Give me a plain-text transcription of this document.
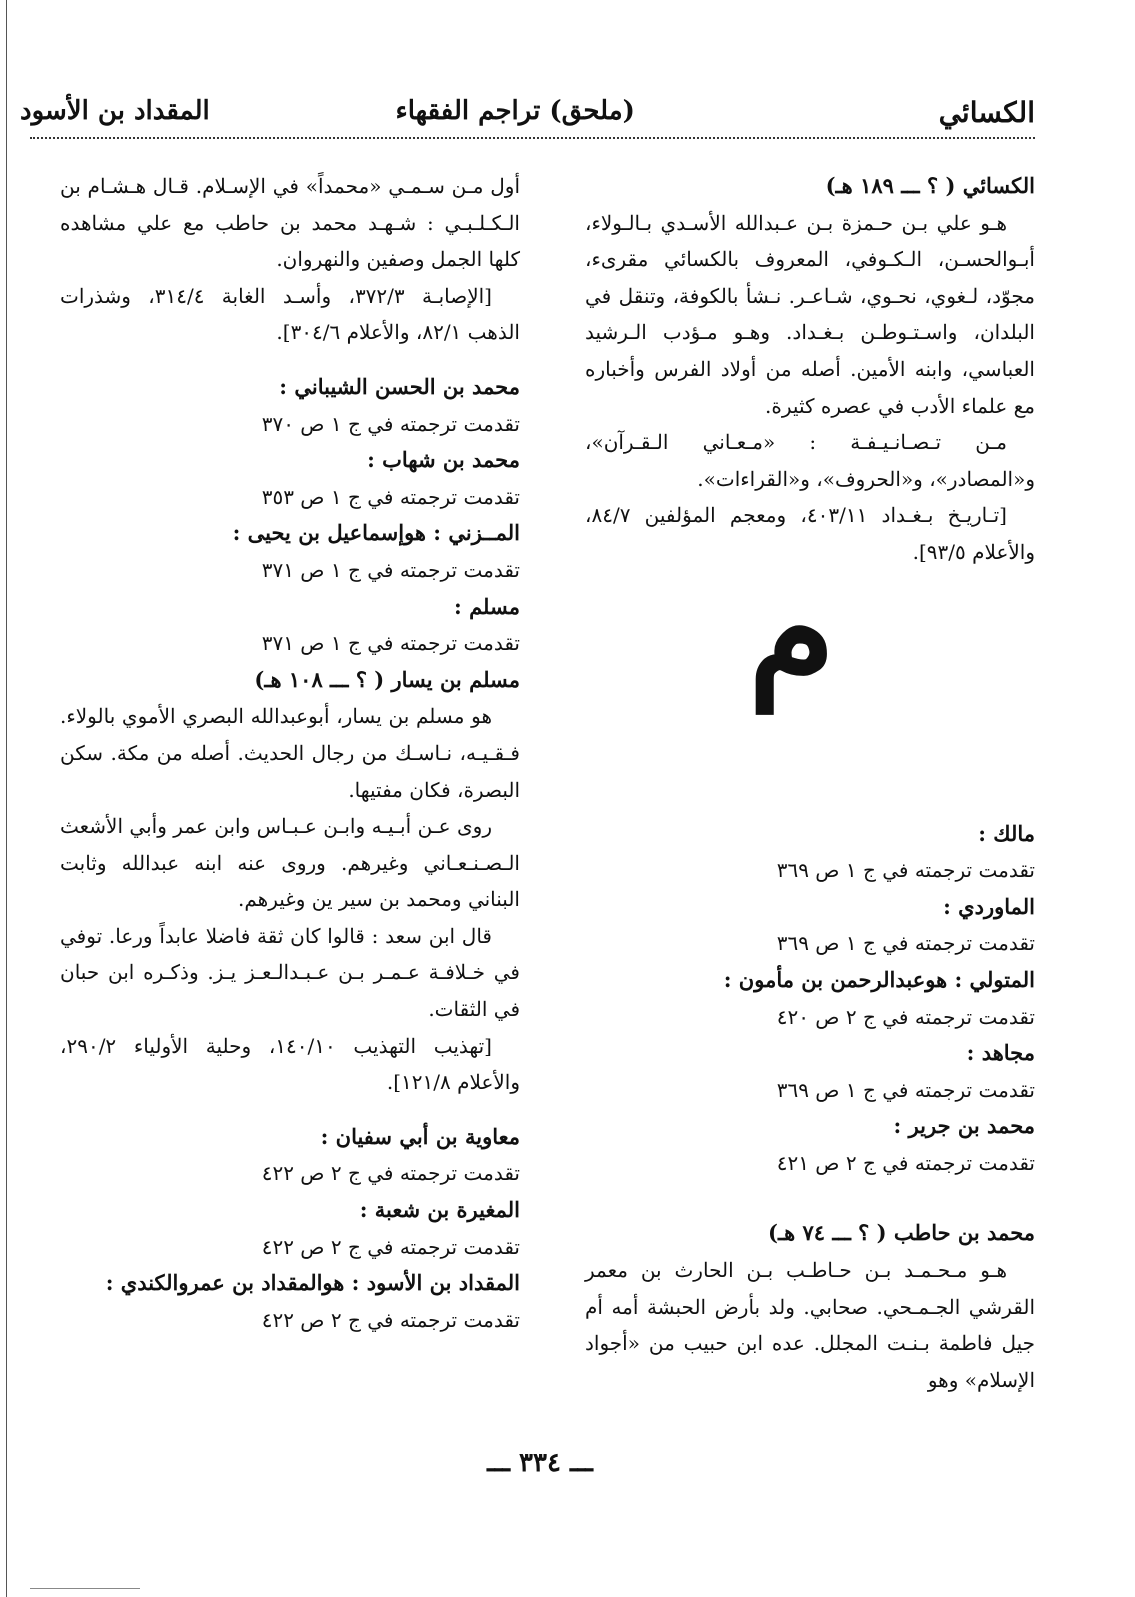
الكسائي
(ملحق) تراجم الفقهاء
المقداد بن الأسود
الكسائي ( ؟ ـــ ١٨٩ هـ)
هـو علي بـن حـمزة بـن عـبدالله الأسـدي بـالـولاء، أبـوالحسـن، الـكـوفي، المعروف بالكسائي مقرىء، مجوّد، لـغوي، نحـوي، شـاعـر. نـشأ بالكوفة، وتنقل في البلدان، واسـتـوطـن بـغـداد. وهـو مـؤدب الـرشيد العباسي، وابنه الأمين. أصله من أولاد الفرس وأخباره مع علماء الأدب في عصره كثيرة.
مـن تـصـانـيـفـة : «مـعـاني الـقـرآن»، و«المصادر»، و«الحروف»، و«القراءات».
[تـاريـخ بـغـداد ٤٠٣/١١، ومعجم المؤلفين ٨٤/٧، والأعلام ٩٣/٥].
م
مالك :
تقدمت ترجمته في ج ١ ص ٣٦٩
الماوردي :
تقدمت ترجمته في ج ١ ص ٣٦٩
المتولي : هوعبدالرحمن بن مأمون :
تقدمت ترجمته في ج ٢ ص ٤٢٠
مجاهد :
تقدمت ترجمته في ج ١ ص ٣٦٩
محمد بن جرير :
تقدمت ترجمته في ج ٢ ص ٤٢١
محمد بن حاطب ( ؟ ـــ ٧٤ هـ)
هـو مـحـمـد بـن حـاطـب بـن الحارث بن معمر القرشي الجـمـحي. صحابي. ولد بأرض الحبشة أمه أم جيل فاطمة بـنـت المجلل. عده ابن حبيب من «أجواد الإسلام» وهو
أول مـن سـمـي «محمداً» في الإسـلام. قـال هـشـام بن الـكـلـبـي : شـهـد محمد بن حاطب مع علي مشاهده كلها الجمل وصفين والنهروان.
[الإصابـة ٣٧٢/٣، وأسـد الغابة ٣١٤/٤، وشذرات الذهب ٨٢/١، والأعلام ٣٠٤/٦].
محمد بن الحسن الشيباني :
تقدمت ترجمته في ج ١ ص ٣٧٠
محمد بن شهاب :
تقدمت ترجمته في ج ١ ص ٣٥٣
المــزني : هوإسماعيل بن يحيى :
تقدمت ترجمته في ج ١ ص ٣٧١
مسلم :
تقدمت ترجمته في ج ١ ص ٣٧١
مسلم بن يسار ( ؟ ـــ ١٠٨ هـ)
هو مسلم بن يسار، أبوعبدالله البصري الأموي بالولاء. فـقـيـه، نـاسـك من رجال الحديث. أصله من مكة. سكن البصرة، فكان مفتيها.
روى عـن أبـيـه وابـن عـبـاس وابن عمر وأبي الأشعث الـصـنـعـاني وغيرهم. وروى عنه ابنه عبدالله وثابت البناني ومحمد بن سير ين وغيرهم.
قال ابن سعد : قالوا كان ثقة فاضلا عابداً ورعا. توفي في خـلافـة عـمـر بـن عـبـدالـعـز يـز. وذكـره ابن حبان في الثقات.
[تهذيب التهذيب ١٤٠/١٠، وحلية الأولياء ٢٩٠/٢، والأعلام ١٢١/٨].
معاوية بن أبي سفيان :
تقدمت ترجمته في ج ٢ ص ٤٢٢
المغيرة بن شعبة :
تقدمت ترجمته في ج ٢ ص ٤٢٢
المقداد بن الأسود : هوالمقداد بن عمروالكندي :
تقدمت ترجمته في ج ٢ ص ٤٢٢
ـــ ٣٣٤ ـــ
